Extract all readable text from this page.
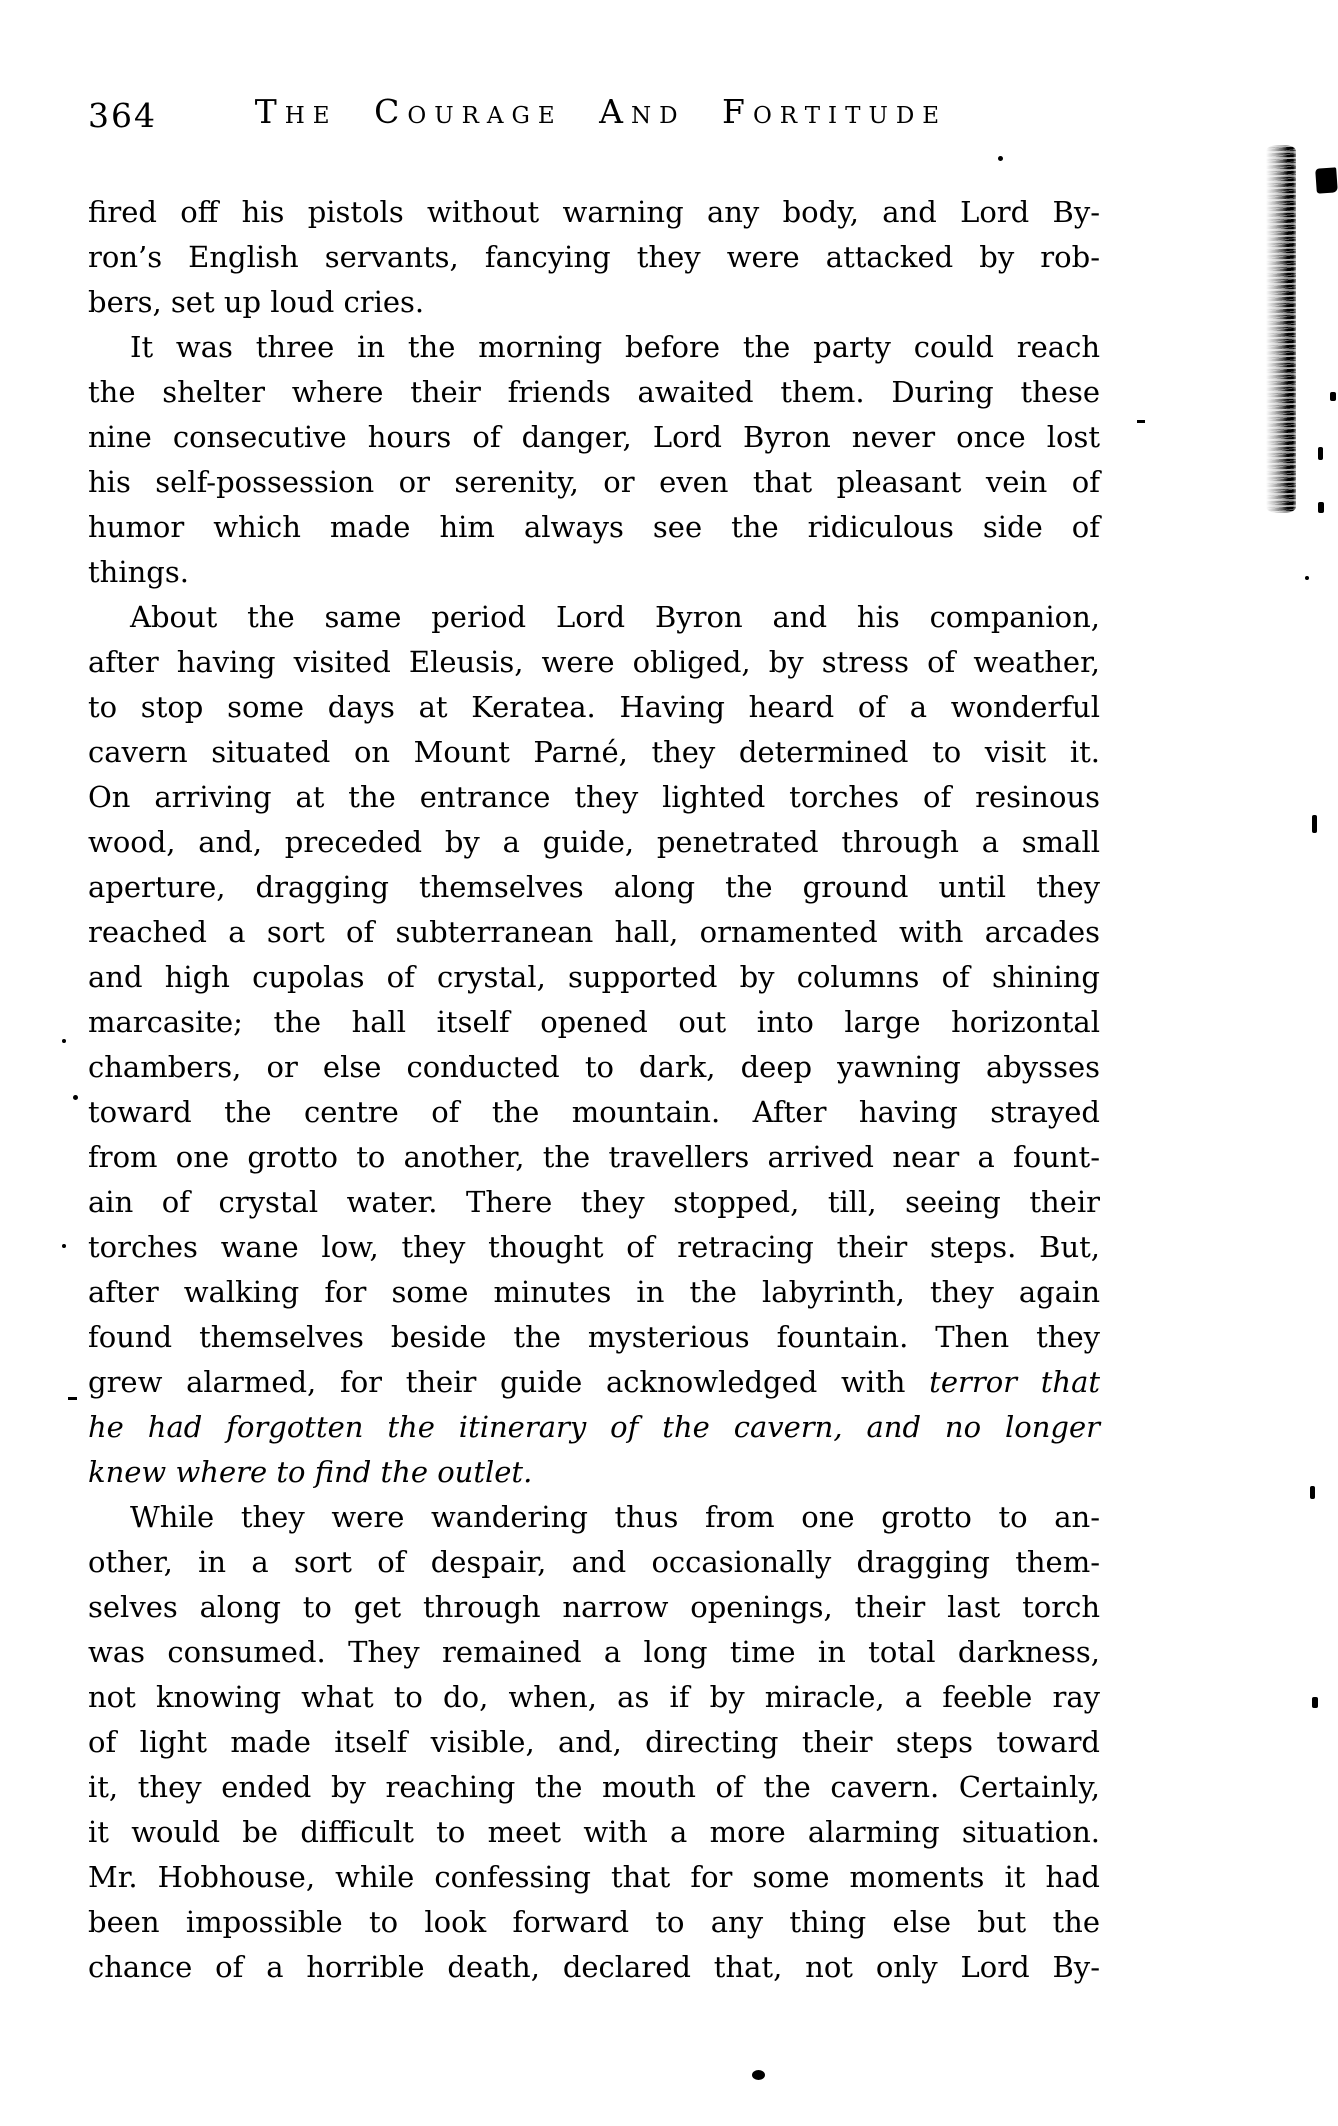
364	The Courage And Fortitude
fired off his pistols without warning any body, and Lord By-
ron’s English servants, fancying they were attacked by rob-
bers, set up loud cries.
It was three in the morning before the party could reach
the shelter where their friends awaited them. During these
nine consecutive hours of danger, Lord Byron never once lost
his self-possession or serenity, or even that pleasant vein of
humor which made him always see the ridiculous side of
things.
About the same period Lord Byron and his companion,
after having visited Eleusis, were obliged, by stress of weather,
to stop some days at Keratea. Having heard of a wonderful
cavern situated on Mount Parné, they determined to visit it.
On arriving at the entrance they lighted torches of resinous
wood, and, preceded by a guide, penetrated through a small
aperture, dragging themselves along the ground until they
reached a sort of subterranean hall, ornamented with arcades
and high cupolas of crystal, supported by columns of shining
marcasite; the hall itself opened out into large horizontal
chambers, or else conducted to dark, deep yawning abysses
toward the centre of the mountain. After having strayed
from one grotto to another, the travellers arrived near a fount-
ain of crystal water. There they stopped, till, seeing their
torches wane low, they thought of retracing their steps. But,
after walking for some minutes in the labyrinth, they again
found themselves beside the mysterious fountain. Then they
grew alarmed, for their guide acknowledged with terror that
he had forgotten the itinerary of the cavern, and no longer
knew where to find the outlet.
While they were wandering thus from one grotto to an-
other, in a sort of despair, and occasionally dragging them-
selves along to get through narrow openings, their last torch
was consumed. They remained a long time in total darkness,
not knowing what to do, when, as if by miracle, a feeble ray
of light made itself visible, and, directing their steps toward
it, they ended by reaching the mouth of the cavern. Certainly,
it would be difficult to meet with a more alarming situation.
Mr. Hobhouse, while confessing that for some moments it had
been impossible to look forward to any thing else but the
chance of a horrible death, declared that, not only Lord By-
